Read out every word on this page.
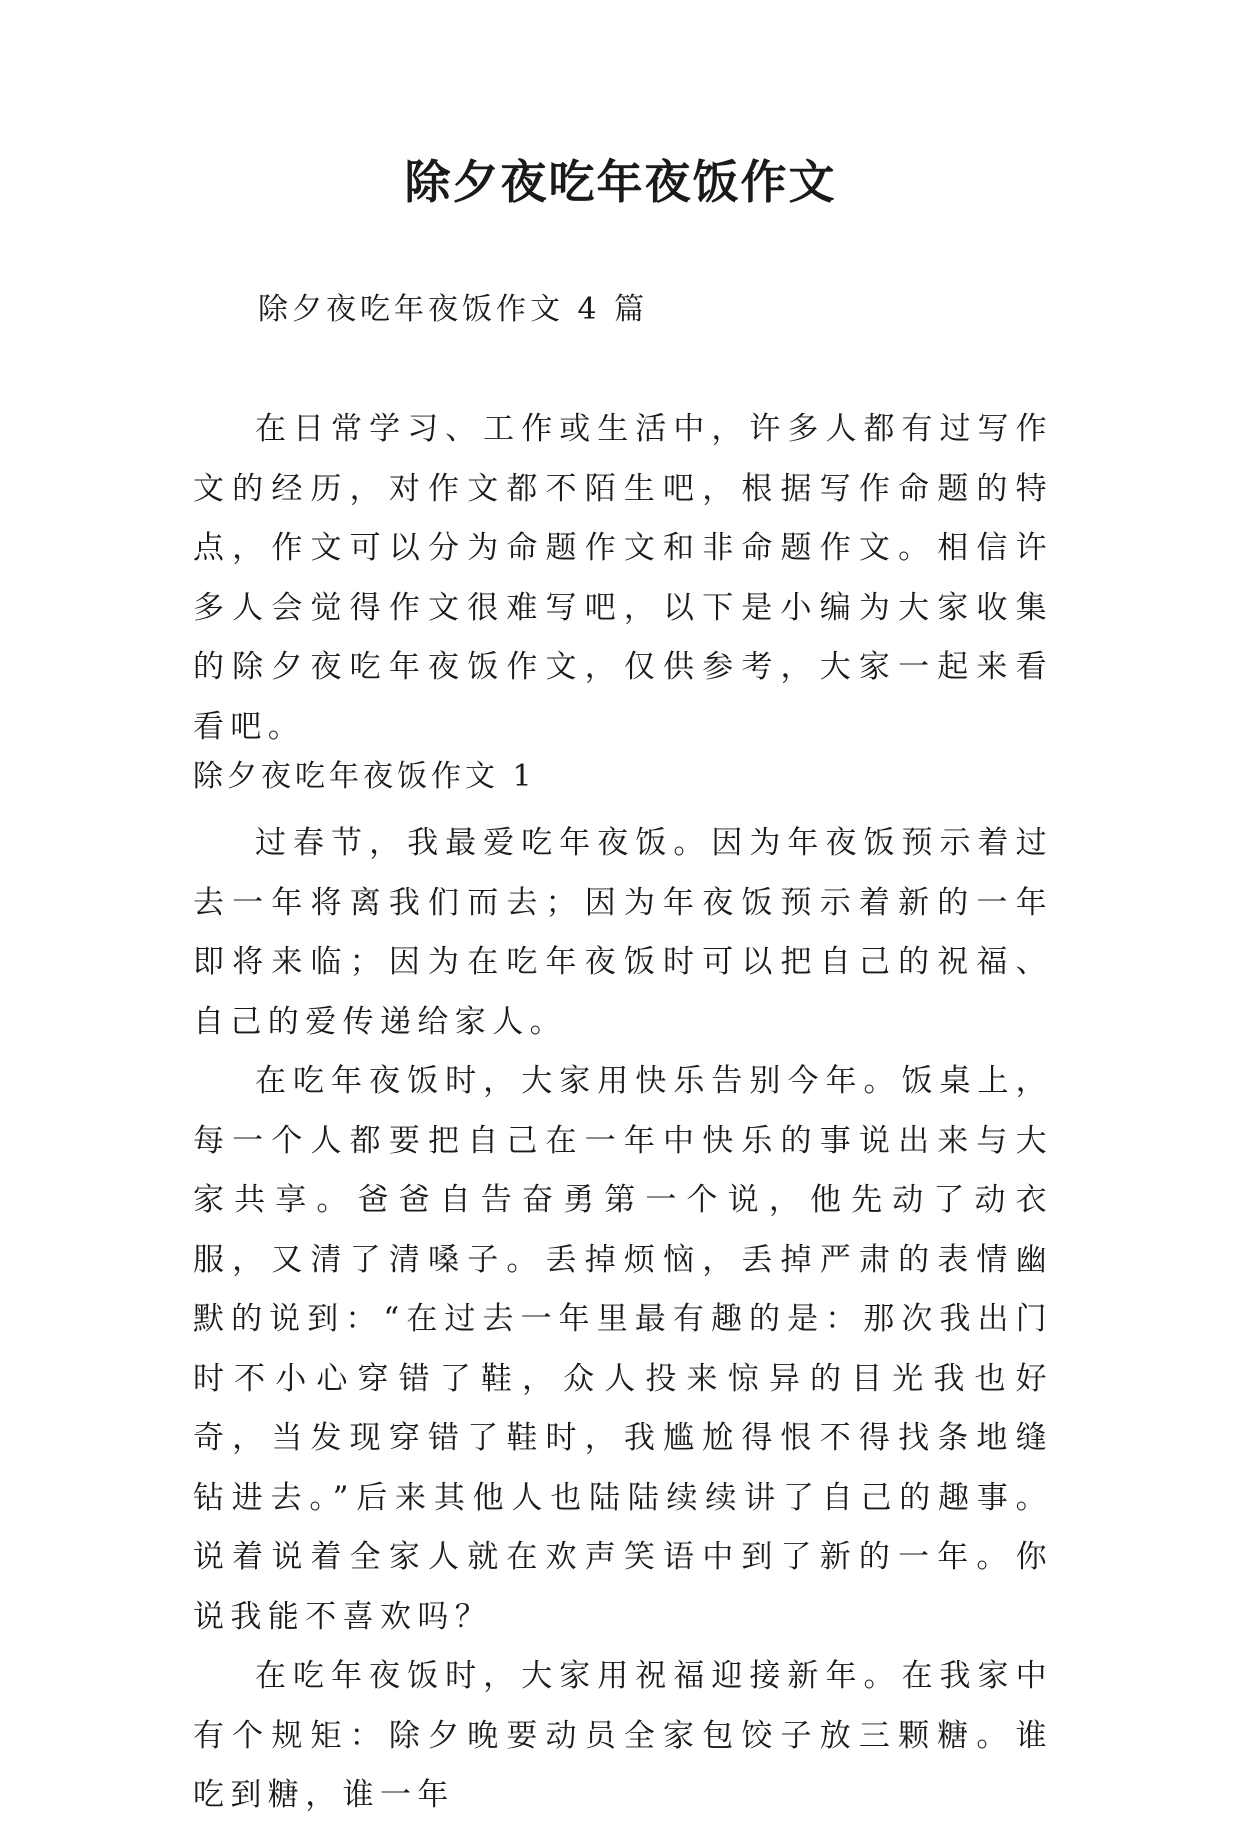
除夕夜吃年夜饭作文
除夕夜吃年夜饭作文 4 篇

在日常学习、工作或生活中，许多人都有过写作文的经历，对作文都不陌生吧，根据写作命题的特点，作文可以分为命题作文和非命题作文。相信许多人会觉得作文很难写吧，以下是小编为大家收集的除夕夜吃年夜饭作文，仅供参考，大家一起来看看吧。

除夕夜吃年夜饭作文 1

过春节，我最爱吃年夜饭。因为年夜饭预示着过去一年将离我们而去；因为年夜饭预示着新的一年即将来临；因为在吃年夜饭时可以把自己的祝福、自己的爱传递给家人。

在吃年夜饭时，大家用快乐告别今年。饭桌上，每一个人都要把自己在一年中快乐的事说出来与大家共享。爸爸自告奋勇第一个说，他先动了动衣服，又清了清嗓子。丢掉烦恼，丢掉严肃的表情幽默的说到：“在过去一年里最有趣的是：那次我出门时不小心穿错了鞋，众人投来惊异的目光我也好奇，当发现穿错了鞋时，我尴尬得恨不得找条地缝钻进去。”后来其他人也陆陆续续讲了自己的趣事。说着说着全家人就在欢声笑语中到了新的一年。你说我能不喜欢吗？

在吃年夜饭时，大家用祝福迎接新年。在我家中有个规矩：除夕晚要动员全家包饺子放三颗糖。谁吃到糖，谁一年
